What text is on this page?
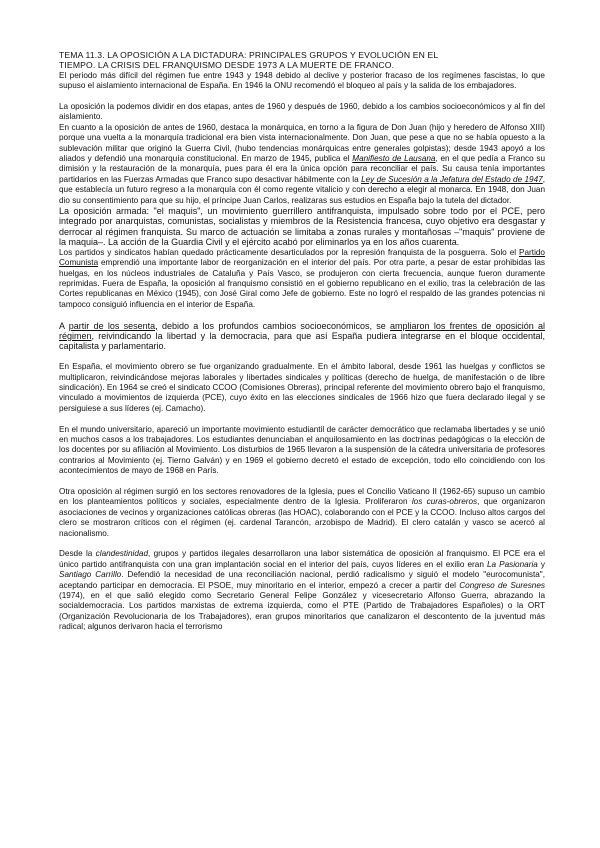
TEMA 11.3. LA OPOSICIÓN A LA DICTADURA: PRINCIPALES GRUPOS Y EVOLUCIÓN EN EL
TIEMPO. LA CRISIS DEL FRANQUISMO DESDE 1973 A LA MUERTE DE FRANCO.

El periodo más difícil del régimen fue entre 1943 y 1948 debido al declive y posterior fracaso de los regímenes fascistas, lo que supuso el aislamiento internacional de España. En 1946 la ONU recomendó el bloqueo al país y la salida de los embajadores.

La oposición la podemos dividir en dos etapas, antes de 1960 y después de 1960, debido a los cambios socioeconómicos y al fin del aislamiento.

En cuanto a la oposición de antes de 1960, destaca la monárquica, en torno a la figura de Don Juan (hijo y heredero de Alfonso XIII) porque una vuelta a la monarquía tradicional era bien vista internacionalmente. Don Juan, que pese a que no se había opuesto a la sublevación militar que originó la Guerra Civil, (hubo tendencias monárquicas entre generales golpistas); desde 1943 apoyó a los aliados y defendió una monarquía constitucional. En marzo de 1945, publica el Manifiesto de Lausana, en el que pedía a Franco su dimisión y la restauración de la monarquía, pues para él era la única opción para reconciliar el país. Su causa tenía importantes partidarios en las Fuerzas Armadas que Franco supo desactivar hábilmente con la Ley de Sucesión a la Jefatura del Estado de 1947, que establecía un futuro regreso a la monarquía con él como regente vitalicio y con derecho a elegir al monarca. En 1948, don Juan dio su consentimiento para que su hijo, el príncipe Juan Carlos, realizaras sus estudios en España bajo la tutela del dictador.

La oposición armada: "el maquis", un movimiento guerrillero antifranquista, impulsado sobre todo por el PCE, pero integrado por anarquistas, comunistas, socialistas y miembros de la Resistencia francesa, cuyo objetivo era desgastar y derrocar al régimen franquista. Su marco de actuación se limitaba a zonas rurales y montañosas –"maquis" proviene de la maquia–. La acción de la Guardia Civil y el ejército acabó por eliminarlos ya en los años cuarenta.

Los partidos y sindicatos habían quedado prácticamente desarticulados por la represión franquista de la posguerra. Solo el Partido Comunista emprendió una importante labor de reorganización en el interior del país. Por otra parte, a pesar de estar prohibidas las huelgas, en los núcleos industriales de Cataluña y País Vasco, se produjeron con cierta frecuencia, aunque fueron duramente reprimidas. Fuera de España, la oposición al franquismo consistió en el gobierno republicano en el exilio, tras la celebración de las Cortes republicanas en México (1945), con José Giral como Jefe de gobierno. Este no logró el respaldo de las grandes potencias ni tampoco consiguió influencia en el interior de España.

A partir de los sesenta, debido a los profundos cambios socioeconómicos, se ampliaron los frentes de oposición al régimen, reivindicando la libertad y la democracia, para que así España pudiera integrarse en el bloque occidental, capitalista y parlamentario.

En España, el movimiento obrero se fue organizando gradualmente. En el ámbito laboral, desde 1961 las huelgas y conflictos se multiplicaron, reivindicándose mejoras laborales y libertades sindicales y políticas (derecho de huelga, de manifestación o de libre sindicación). En 1964 se creó el sindicato CCOO (Comisiones Obreras), principal referente del movimiento obrero bajo el franquismo, vinculado a movimientos de izquierda (PCE), cuyo éxito en las elecciones sindicales de 1966 hizo que fuera declarado ilegal y se persiguiese a sus líderes (ej. Camacho).

En el mundo universitario, apareció un importante movimiento estudiantil de carácter democrático que reclamaba libertades y se unió en muchos casos a los trabajadores. Los estudiantes denunciaban el anquilosamiento en las doctrinas pedagógicas o la elección de los docentes por su afiliación al Movimiento. Los disturbios de 1965 llevaron a la suspensión de la cátedra universitaria de profesores contrarios al Movimiento (ej. Tierno Galván) y en 1969 el gobierno decretó el estado de excepción, todo ello coincidiendo con los acontecimientos de mayo de 1968 en París.

Otra oposición al régimen surgió en los sectores renovadores de la Iglesia, pues el Concilio Vaticano II (1962-65) supuso un cambio en los planteamientos políticos y sociales, especialmente dentro de la Iglesia. Proliferaron los curas-obreros, que organizaron asociaciones de vecinos y organizaciones católicas obreras (las HOAC), colaborando con el PCE y la CCOO. Incluso altos cargos del clero se mostraron críticos con el régimen (ej. cardenal Tarancón, arzobispo de Madrid). El clero catalán y vasco se acercó al nacionalismo.

Desde la clandestinidad, grupos y partidos ilegales desarrollaron una labor sistemática de oposición al franquismo. El PCE era el único partido antifranquista con una gran implantación social en el interior del país, cuyos líderes en el exilio eran La Pasionaria y Santiago Carrillo. Defendió la necesidad de una reconciliación nacional, perdió radicalismo y siguió el modelo "eurocomunista", aceptando participar en democracia. El PSOE, muy minoritario en el interior, empezó a crecer a partir del Congreso de Suresnes (1974), en el que salió elegido como Secretario General Felipe González y vicesecretario Alfonso Guerra, abrazando la socialdemocracia. Los partidos marxistas de extrema izquierda, como el PTE (Partido de Trabajadores Españoles) o la ORT (Organización Revolucionaria de los Trabajadores), eran grupos minoritarios que canalizaron el descontento de la juventud más radical; algunos derivaron hacia el terrorismo
